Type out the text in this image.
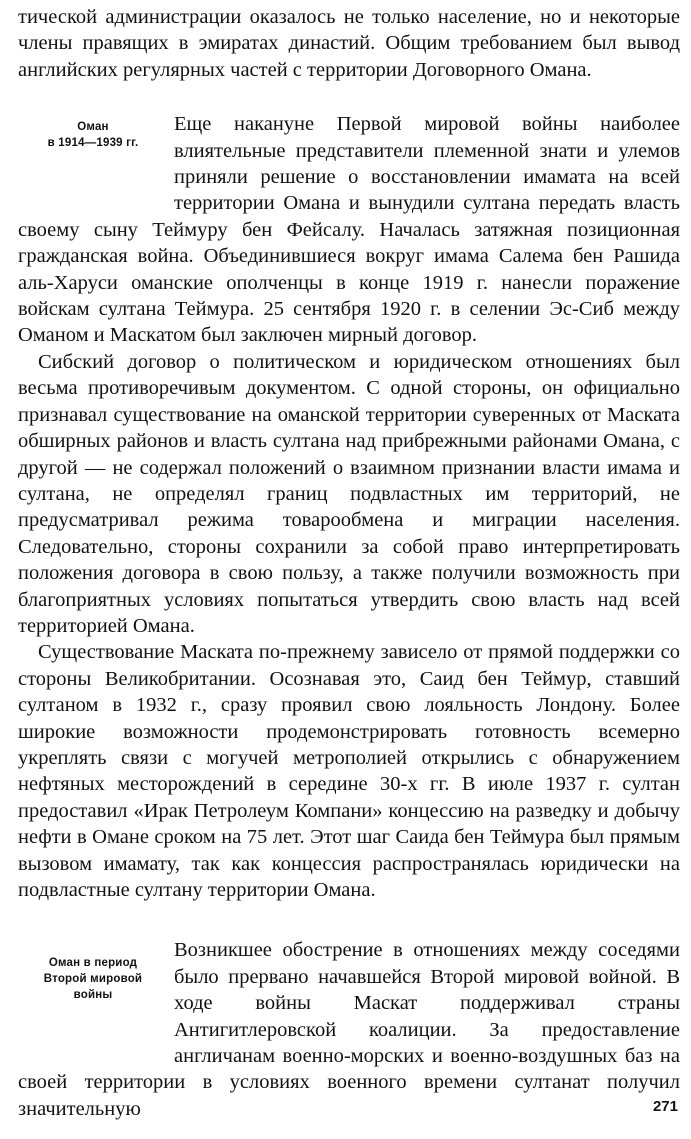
тической администрации оказалось не только население, но и некоторые члены правящих в эмиратах династий. Общим требованием был вывод английских регулярных частей с территории Договорного Омана.

Оман
в 1914—1939 гг.

Еще накануне Первой мировой войны наиболее влиятельные представители племенной знати и улемов приняли решение о восстановлении имамата на всей территории Омана и вынудили султана передать власть своему сыну Теймуру бен Фейсалу. Началась затяжная позиционная гражданская война. Объединившиеся вокруг имама Салема бен Рашида аль-Харуси оманские ополченцы в конце 1919 г. нанесли поражение войскам султана Теймура. 25 сентября 1920 г. в селении Эс-Сиб между Оманом и Маскатом был заключен мирный договор.

Сибский договор о политическом и юридическом отношениях был весьма противоречивым документом. С одной стороны, он официально признавал существование на оманской территории суверенных от Маската обширных районов и власть султана над прибрежными районами Омана, с другой — не содержал положений о взаимном признании власти имама и султана, не определял границ подвластных им территорий, не предусматривал режима товарообмена и миграции населения. Следовательно, стороны сохранили за собой право интерпретировать положения договора в свою пользу, а также получили возможность при благоприятных условиях попытаться утвердить свою власть над всей территорией Омана.

Существование Маската по-прежнему зависело от прямой поддержки со стороны Великобритании. Осознавая это, Саид бен Теймур, ставший султаном в 1932 г., сразу проявил свою лояльность Лондону. Более широкие возможности продемонстрировать готовность всемерно укреплять связи с могучей метрополией открылись с обнаружением нефтяных месторождений в середине 30-х гг. В июле 1937 г. султан предоставил «Ирак Петролеум Компани» концессию на разведку и добычу нефти в Омане сроком на 75 лет. Этот шаг Саида бен Теймура был прямым вызовом имамату, так как концессия распространялась юридически на подвластные султану территории Омана.

Оман в период
Второй мировой
войны

Возникшее обострение в отношениях между соседями было прервано начавшейся Второй мировой войной. В ходе войны Маскат поддерживал страны Антигитлеровской коалиции. За предоставление англичанам военно-морских и военно-воздушных баз на своей территории в условиях военного времени султанат получил значительную	271
